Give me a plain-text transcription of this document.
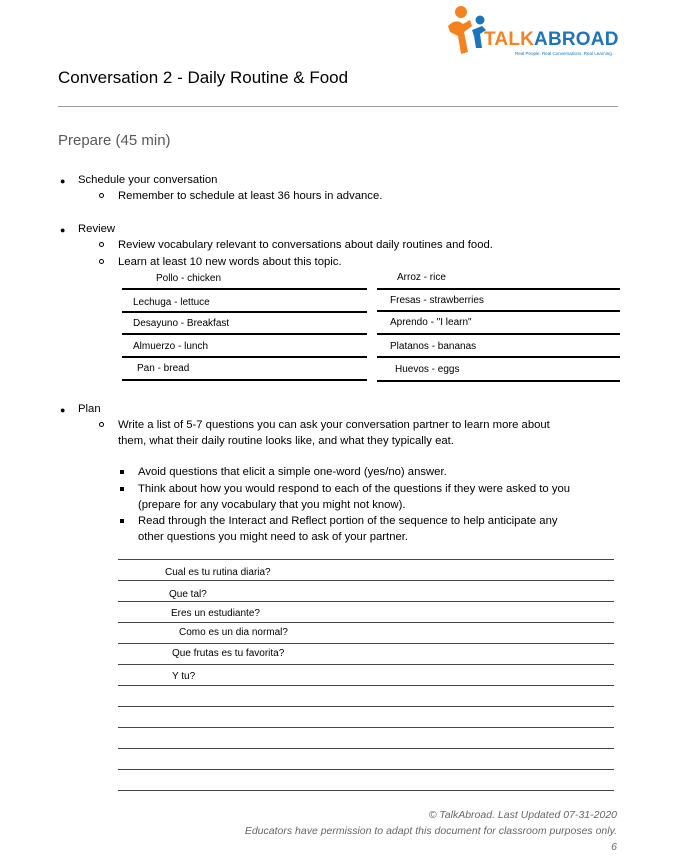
TALKABROAD
Real People. Real Conversations. Real Learning.
Conversation 2 - Daily Routine & Food
Prepare (45 min)
● Schedule your conversation
Remember to schedule at least 36 hours in advance.
● Review
Review vocabulary relevant to conversations about daily routines and food.
Learn at least 10 new words about this topic.
Pollo - chicken
Lechuga - lettuce
Desayuno - Breakfast
Almuerzo - lunch
Pan - bread
Arroz - rice
Fresas - strawberries
Aprendo - "I learn"
Platanos - bananas
Huevos - eggs
● Plan
Write a list of 5-7 questions you can ask your conversation partner to learn more about
them, what their daily routine looks like, and what they typically eat.
Avoid questions that elicit a simple one-word (yes/no) answer.
Think about how you would respond to each of the questions if they were asked to you
(prepare for any vocabulary that you might not know).
Read through the Interact and Reflect portion of the sequence to help anticipate any
other questions you might need to ask of your partner.
Cual es tu rutina diaria?
Que tal?
Eres un estudiante?
Como es un dia normal?
Que frutas es tu favorita?
Y tu?
© TalkAbroad. Last Updated 07-31-2020
Educators have permission to adapt this document for classroom purposes only.
6
